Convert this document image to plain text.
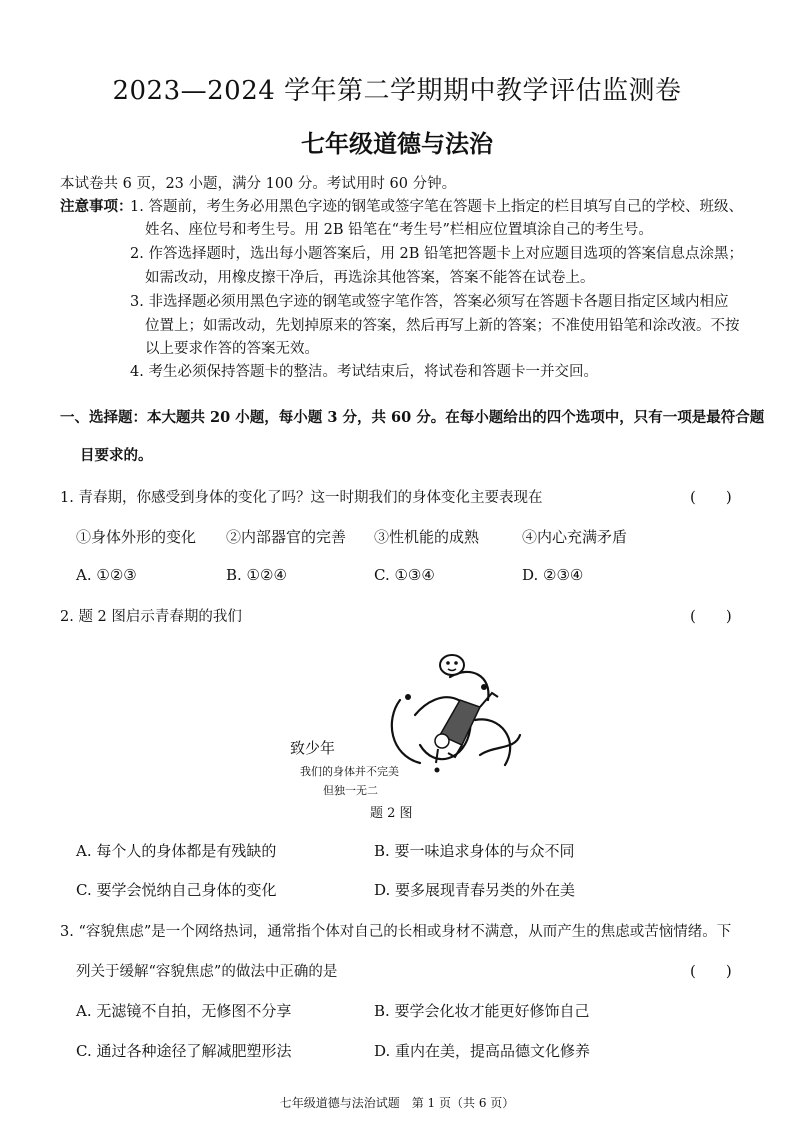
2023—2024 学年第二学期期中教学评估监测卷
七年级道德与法治
本试卷共 6 页，23 小题，满分 100 分。考试用时 60 分钟。
注意事项：
1. 答题前，考生务必用黑色字迹的钢笔或签字笔在答题卡上指定的栏目填写自己的学校、班级、
姓名、座位号和考生号。用 2B 铅笔在“考生号”栏相应位置填涂自己的考生号。
2. 作答选择题时，选出每小题答案后，用 2B 铅笔把答题卡上对应题目选项的答案信息点涂黑；
如需改动，用橡皮擦干净后，再选涂其他答案，答案不能答在试卷上。
3. 非选择题必须用黑色字迹的钢笔或签字笔作答，答案必须写在答题卡各题目指定区域内相应
位置上；如需改动，先划掉原来的答案，然后再写上新的答案；不准使用铅笔和涂改液。不按
以上要求作答的答案无效。
4. 考生必须保持答题卡的整洁。考试结束后，将试卷和答题卡一并交回。
一、选择题：本大题共 20 小题，每小题 3 分，共 60 分。在每小题给出的四个选项中，只有一项是最符合题
目要求的。
1. 青春期，你感受到身体的变化了吗？这一时期我们的身体变化主要表现在	(　　)
①身体外形的变化 ②内部器官的完善 ③性机能的成熟	④内心充满矛盾
A. ①②③	B. ①②④	C. ①③④	D. ②③④
2. 题 2 图启示青春期的我们	(　　)
致少年
我们的身体并不完美
但独一无二
题 2 图
A. 每个人的身体都是有残缺的	B. 要一味追求身体的与众不同
C. 要学会悦纳自己身体的变化	D. 要多展现青春另类的外在美
3. “容貌焦虑”是一个网络热词，通常指个体对自己的长相或身材不满意，从而产生的焦虑或苦恼情绪。下
列关于缓解“容貌焦虑”的做法中正确的是	(　　)
A. 无滤镜不自拍，无修图不分享	B. 要学会化妆才能更好修饰自己
C. 通过各种途径了解减肥塑形法	D. 重内在美，提高品德文化修养
七年级道德与法治试题　第 1 页（共 6 页）
